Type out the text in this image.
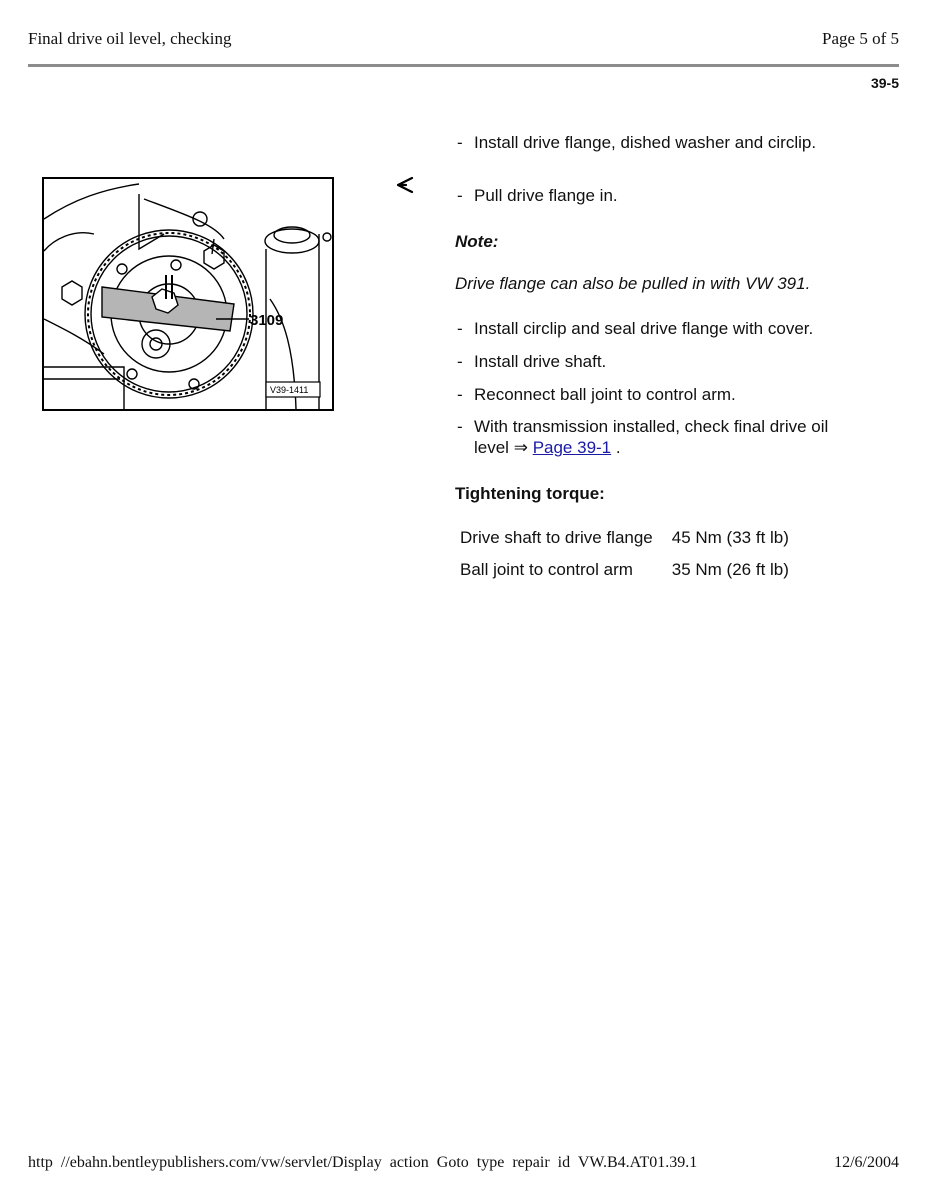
Final drive oil level, checking	Page 5 of 5
39-5
3109
V39-1411
- Install drive flange, dished washer and circlip.
- Pull drive flange in.
Note:
Drive flange can also be pulled in with VW 391.
- Install circlip and seal drive flange with cover.
- Install drive shaft.
- Reconnect ball joint to control arm.
- With transmission installed, check final drive oil
level ⇒ Page 39-1 .
Tightening torque:
Drive shaft to drive flange	45 Nm (33 ft lb)
Ball joint to control arm	35 Nm (26 ft lb)
http //ebahn.bentleypublishers.com/vw/servlet/Display action Goto type repair id VW.B4.AT01.39.1	12/6/2004
